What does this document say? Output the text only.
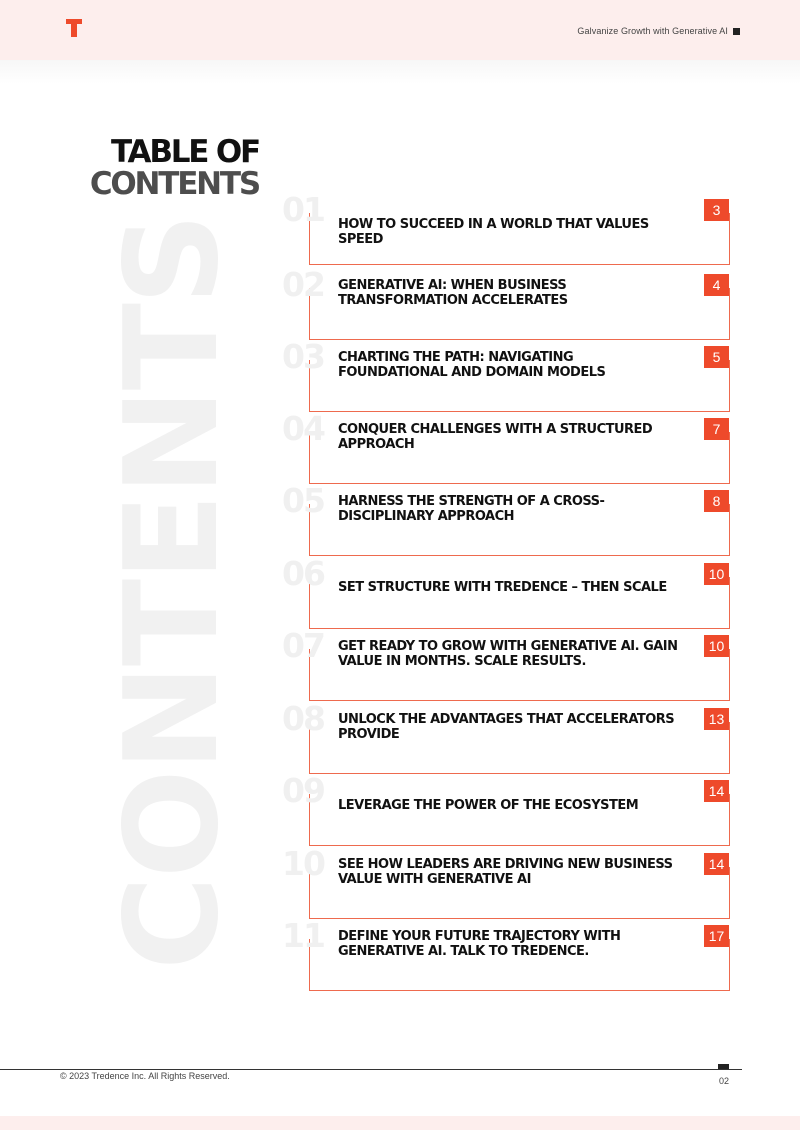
Galvanize Growth with Generative AI
CONTENTS
TABLE OF
CONTENTS
01 HOW TO SUCCEED IN A WORLD THAT VALUES SPEED
3
02 GENERATIVE AI: WHEN BUSINESS TRANSFORMATION ACCELERATES
4
03 CHARTING THE PATH: NAVIGATING FOUNDATIONAL AND DOMAIN MODELS
5
04 CONQUER CHALLENGES WITH A STRUCTURED APPROACH
7
05 HARNESS THE STRENGTH OF A CROSS-DISCIPLINARY APPROACH
8
06 SET STRUCTURE WITH TREDENCE – THEN SCALE
10
07 GET READY TO GROW WITH GENERATIVE AI. GAIN VALUE IN MONTHS. SCALE RESULTS.
10
08 UNLOCK THE ADVANTAGES THAT ACCELERATORS PROVIDE
13
09 LEVERAGE THE POWER OF THE ECOSYSTEM
14
10 SEE HOW LEADERS ARE DRIVING NEW BUSINESS VALUE WITH GENERATIVE AI
14
11 DEFINE YOUR FUTURE TRAJECTORY WITH GENERATIVE AI. TALK TO TREDENCE.
17
© 2023 Tredence Inc. All Rights Reserved.	02
